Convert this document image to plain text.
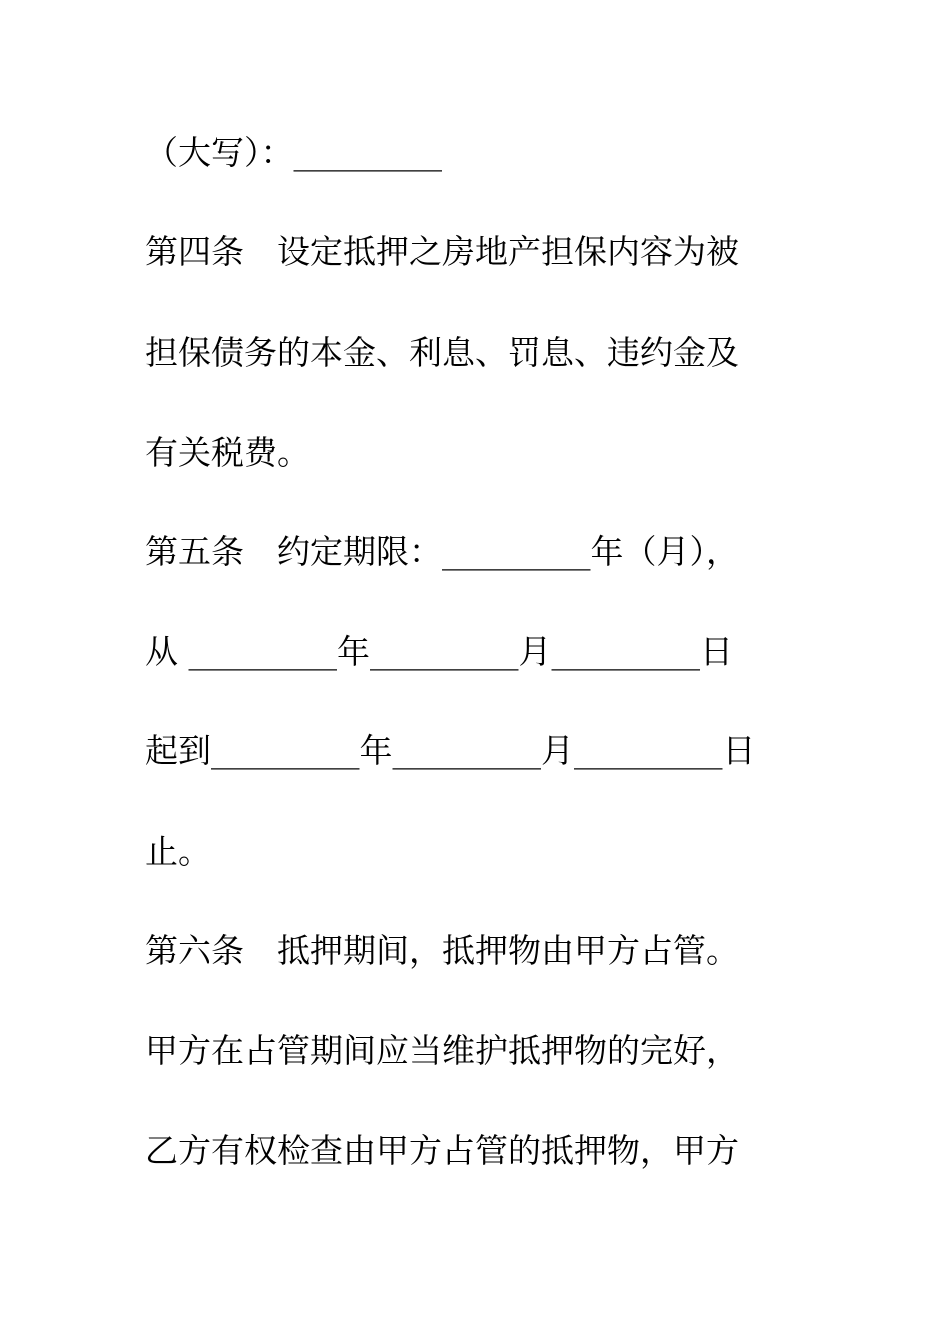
（大写）：_________
第四条　设定抵押之房地产担保内容为被
担保债务的本金、利息、罚息、违约金及
有关税费。
第五条　约定期限：_________年（月），
从 _________年_________月_________日
起到_________年_________月_________日
止。
第六条　抵押期间，抵押物由甲方占管。
甲方在占管期间应当维护抵押物的完好，
乙方有权检查由甲方占管的抵押物，甲方
